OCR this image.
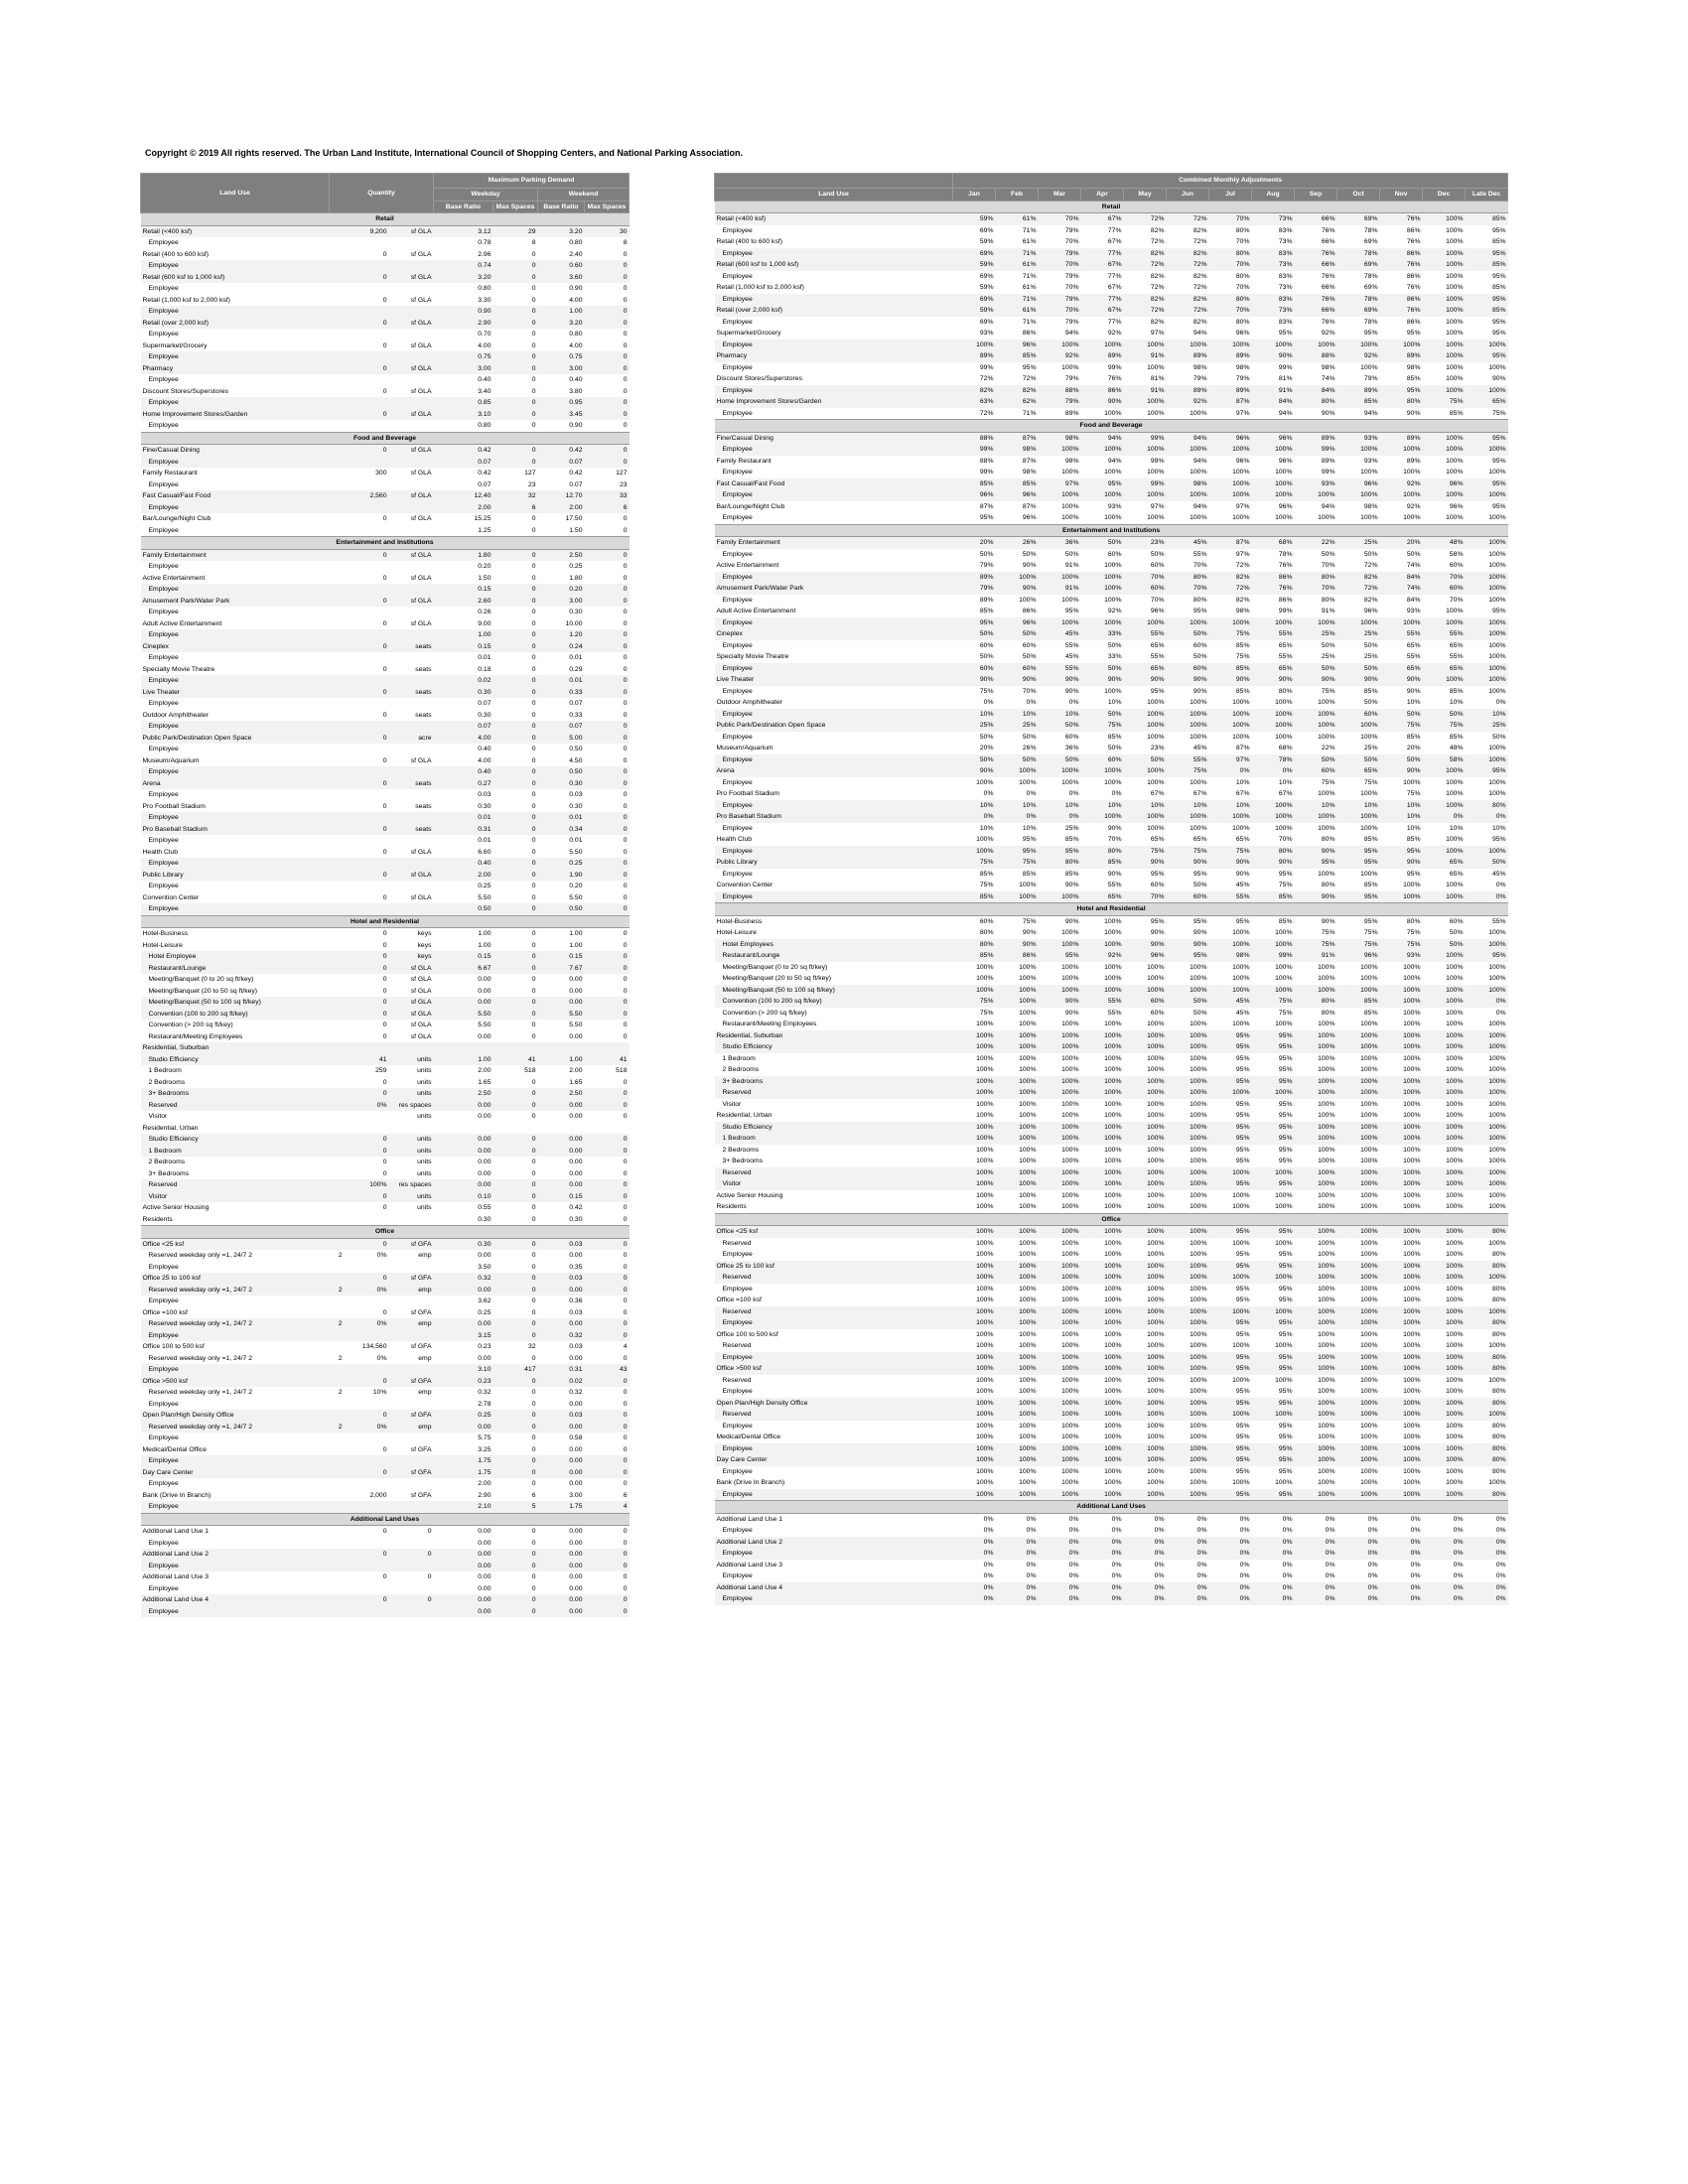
Copyright © 2019 All rights reserved. The Urban Land Institute, International Council of Shopping Centers, and National Parking Association.
Land Use	Quantity			Maximum Parking Demand			
				Weekday		Weekend	
				Base Ratio	Max Spaces	Base Ratio	Max Spaces
Retail							
Retail (<400 ksf)		9,200	sf GLA	3.12	29	3.20	30
Employee				0.78	8	0.80	8
Retail (400 to 600 ksf)		0	sf GLA	2.96	0	2.40	0
Employee				0.74	0	0.60	0
Retail (600 ksf to 1,000 ksf)		0	sf GLA	3.20	0	3.60	0
Employee				0.80	0	0.90	0
Retail (1,000 ksf to 2,000 ksf)		0	sf GLA	3.30	0	4.00	0
Employee				0.90	0	1.00	0
Retail (over 2,000 ksf)		0	sf GLA	2.90	0	3.20	0
Employee				0.70	0	0.80	0
Supermarket/Grocery		0	sf GLA	4.00	0	4.00	0
Employee				0.75	0	0.75	0
Pharmacy		0	sf GLA	3.00	0	3.00	0
Employee				0.40	0	0.40	0
Discount Stores/Superstores		0	sf GLA	3.40	0	3.80	0
Employee				0.85	0	0.95	0
Home Improvement Stores/Garden		0	sf GLA	3.10	0	3.45	0
Employee				0.80	0	0.90	0
Food and Beverage							
Fine/Casual Dining		0	sf GLA	0.42	0	0.42	0
Employee				0.07	0	0.07	0
Family Restaurant		300	sf GLA	0.42	127	0.42	127
Employee				0.07	23	0.07	23
Fast Casual/Fast Food		2,560	sf GLA	12.40	32	12.70	33
Employee				2.00	6	2.00	6
Bar/Lounge/Night Club		0	sf GLA	15.25	0	17.50	0
Employee				1.25	0	1.50	0
Entertainment and Institutions							
Family Entertainment		0	sf GLA	1.80	0	2.50	0
Employee				0.20	0	0.25	0
Active Entertainment		0	sf GLA	1.50	0	1.80	0
Employee				0.15	0	0.20	0
Amusement Park/Water Park		0	sf GLA	2.60	0	3.00	0
Employee				0.26	0	0.30	0
Adult Active Entertainment		0	sf GLA	9.00	0	10.00	0
Employee				1.00	0	1.20	0
Cineplex		0	seats	0.15	0	0.24	0
Employee				0.01	0	0.01	0
Specialty Movie Theatre		0	seats	0.18	0	0.29	0
Employee				0.02	0	0.01	0
Live Theater		0	seats	0.30	0	0.33	0
Employee				0.07	0	0.07	0
Outdoor Amphitheater		0	seats	0.30	0	0.33	0
Employee				0.07	0	0.07	0
Public Park/Destination Open Space		0	acre	4.00	0	5.00	0
Employee				0.40	0	0.50	0
Museum/Aquarium		0	sf GLA	4.00	0	4.50	0
Employee				0.40	0	0.50	0
Arena		0	seats	0.27	0	0.30	0
Employee				0.03	0	0.03	0
Pro Football Stadium		0	seats	0.30	0	0.30	0
Employee				0.01	0	0.01	0
Pro Baseball Stadium		0	seats	0.31	0	0.34	0
Employee				0.01	0	0.01	0
Health Club		0	sf GLA	6.60	0	5.50	0
Employee				0.40	0	0.25	0
Public Library		0	sf GLA	2.00	0	1.90	0
Employee				0.25	0	0.20	0
Convention Center		0	sf GLA	5.50	0	5.50	0
Employee				0.50	0	0.50	0
Hotel and Residential							
Hotel-Business		0	keys	1.00	0	1.00	0
Hotel-Leisure		0	keys	1.00	0	1.00	0
Hotel Employee		0	keys	0.15	0	0.15	0
Restaurant/Lounge		0	sf GLA	6.67	0	7.67	0
Meeting/Banquet (0 to 20 sq ft/key)		0	sf GLA	0.00	0	0.00	0
Meeting/Banquet (20 to 50 sq ft/key)		0	sf GLA	0.00	0	0.00	0
Meeting/Banquet (50 to 100 sq ft/key)		0	sf GLA	0.00	0	0.00	0
Convention (100 to 200 sq ft/key)		0	sf GLA	5.50	0	5.50	0
Convention (> 200 sq ft/key)		0	sf GLA	5.50	0	5.50	0
Restaurant/Meeting Employees		0	sf GLA	0.00	0	0.00	0
Residential, Suburban							
Studio Efficiency		41	units	1.00	41	1.00	41
1 Bedroom		259	units	2.00	518	2.00	518
2 Bedrooms		0	units	1.65	0	1.65	0
3+ Bedrooms		0	units	2.50	0	2.50	0
Reserved		0%	res spaces	0.00	0	0.00	0
Visitor			units	0.00	0	0.00	0
Residential, Urban							
Studio Efficiency		0	units	0.00	0	0.00	0
1 Bedroom		0	units	0.00	0	0.00	0
2 Bedrooms		0	units	0.00	0	0.00	0
3+ Bedrooms		0	units	0.00	0	0.00	0
Reserved		100%	res spaces	0.00	0	0.00	0
Visitor		0	units	0.10	0	0.15	0
Active Senior Housing		0	units	0.55	0	0.42	0
Residents				0.30	0	0.30	0
Office							
Office <25 ksf		0	sf GFA	0.30	0	0.03	0
Reserved weekday only =1, 24/7 2	2	0%	emp	0.00	0	0.00	0
Employee				3.50	0	0.35	0
Office 25 to 100 ksf		0	sf GFA	0.32	0	0.03	0
Reserved weekday only =1, 24/7 2	2	0%	emp	0.00	0	0.00	0
Employee				3.62	0	0.36	0
Office =100 ksf		0	sf GFA	0.25	0	0.03	0
Reserved weekday only =1, 24/7 2	2	0%	emp	0.00	0	0.00	0
Employee				3.15	0	0.32	0
Office 100 to 500 ksf		134,560	sf GFA	0.23	32	0.03	4
Reserved weekday only =1, 24/7 2	2	0%	emp	0.00	0	0.00	0
Employee				3.10	417	0.31	43
Office >500 ksf		0	sf GFA	0.23	0	0.02	0
Reserved weekday only =1, 24/7 2	2	10%	emp	0.32	0	0.32	0
Employee				2.78	0	0.00	0
Open Plan/High Density Office		0	sf GFA	0.25	0	0.03	0
Reserved weekday only =1, 24/7 2	2	0%	emp	0.00	0	0.00	0
Employee				5.75	0	0.58	0
Medical/Dental Office		0	sf GFA	3.25	0	0.00	0
Employee				1.75	0	0.00	0
Day Care Center		0	sf GFA	1.75	0	0.00	0
Employee				2.00	0	0.00	0
Bank (Drive In Branch)		2,000	sf GFA	2.90	6	3.00	6
Employee				2.10	5	1.75	4
Additional Land Uses							
Additional Land Use 1		0	0	0.00	0	0.00	0
Employee				0.00	0	0.00	0
Additional Land Use 2		0	0	0.00	0	0.00	0
Employee				0.00	0	0.00	0
Additional Land Use 3		0	0	0.00	0	0.00	0
Employee				0.00	0	0.00	0
Additional Land Use 4		0	0	0.00	0	0.00	0
Employee				0.00	0	0.00	0
	Combined Monthly Adjustments												
Land Use	Jan	Feb	Mar	Apr	May	Jun	Jul	Aug	Sep	Oct	Nov	Dec	Late Dec
Retail													
Retail (<400 ksf)	59%	61%	70%	67%	72%	72%	70%	73%	66%	69%	76%	100%	85%
Employee	69%	71%	79%	77%	82%	82%	80%	83%	76%	78%	86%	100%	95%
Retail (400 to 600 ksf)	59%	61%	70%	67%	72%	72%	70%	73%	66%	69%	76%	100%	85%
Employee	69%	71%	79%	77%	82%	82%	80%	83%	76%	78%	86%	100%	95%
Retail (600 ksf to 1,000 ksf)	59%	61%	70%	67%	72%	72%	70%	73%	66%	69%	76%	100%	85%
Employee	69%	71%	79%	77%	82%	82%	80%	83%	76%	78%	86%	100%	95%
Retail (1,000 ksf to 2,000 ksf)	59%	61%	70%	67%	72%	72%	70%	73%	66%	69%	76%	100%	85%
Employee	69%	71%	79%	77%	82%	82%	80%	83%	76%	78%	86%	100%	95%
Retail (over 2,000 ksf)	59%	61%	70%	67%	72%	72%	70%	73%	66%	69%	76%	100%	85%
Employee	69%	71%	79%	77%	82%	82%	80%	83%	76%	78%	86%	100%	95%
Supermarket/Grocery	93%	86%	94%	92%	97%	94%	96%	95%	92%	95%	95%	100%	95%
Employee	100%	96%	100%	100%	100%	100%	100%	100%	100%	100%	100%	100%	100%
Pharmacy	89%	85%	92%	89%	91%	89%	89%	90%	88%	92%	89%	100%	95%
Employee	99%	95%	100%	99%	100%	98%	98%	99%	98%	100%	98%	100%	100%
Discount Stores/Superstores	72%	72%	79%	76%	81%	79%	79%	81%	74%	79%	85%	100%	90%
Employee	82%	82%	88%	86%	91%	89%	89%	91%	84%	89%	95%	100%	100%
Home Improvement Stores/Garden	63%	62%	79%	90%	100%	92%	87%	84%	80%	85%	80%	75%	65%
Employee	72%	71%	89%	100%	100%	100%	97%	94%	90%	94%	90%	85%	75%
Food and Beverage													
Fine/Casual Dining	88%	87%	98%	94%	99%	94%	96%	96%	89%	93%	89%	100%	95%
Employee	99%	98%	100%	100%	100%	100%	100%	100%	99%	100%	100%	100%	100%
Family Restaurant	88%	87%	98%	94%	99%	94%	96%	96%	89%	93%	89%	100%	95%
Employee	99%	98%	100%	100%	100%	100%	100%	100%	99%	100%	100%	100%	100%
Fast Casual/Fast Food	85%	85%	97%	95%	99%	98%	100%	100%	93%	96%	92%	96%	95%
Employee	96%	96%	100%	100%	100%	100%	100%	100%	100%	100%	100%	100%	100%
Bar/Lounge/Night Club	87%	87%	100%	93%	97%	94%	97%	96%	94%	98%	92%	96%	95%
Employee	95%	96%	100%	100%	100%	100%	100%	100%	100%	100%	100%	100%	100%
Entertainment and Institutions													
Family Entertainment	20%	26%	36%	50%	23%	45%	87%	68%	22%	25%	20%	48%	100%
Employee	50%	50%	50%	60%	50%	55%	97%	78%	50%	50%	50%	58%	100%
Active Entertainment	79%	90%	91%	100%	60%	70%	72%	76%	70%	72%	74%	60%	100%
Employee	89%	100%	100%	100%	70%	80%	82%	86%	80%	82%	84%	70%	100%
Amusement Park/Water Park	79%	90%	91%	100%	60%	70%	72%	76%	70%	72%	74%	60%	100%
Employee	89%	100%	100%	100%	70%	80%	82%	86%	80%	82%	84%	70%	100%
Adult Active Entertainment	85%	86%	95%	92%	96%	95%	98%	99%	91%	96%	93%	100%	95%
Employee	95%	96%	100%	100%	100%	100%	100%	100%	100%	100%	100%	100%	100%
Cineplex	50%	50%	45%	33%	55%	50%	75%	55%	25%	25%	55%	55%	100%
Employee	60%	60%	55%	50%	65%	60%	85%	65%	50%	50%	65%	65%	100%
Specialty Movie Theatre	50%	50%	45%	33%	55%	50%	75%	55%	25%	25%	55%	55%	100%
Employee	60%	60%	55%	50%	65%	60%	85%	65%	50%	50%	65%	65%	100%
Live Theater	90%	90%	90%	90%	90%	90%	90%	90%	90%	90%	90%	100%	100%
Employee	75%	70%	90%	100%	95%	90%	85%	80%	75%	85%	90%	85%	100%
Outdoor Amphitheater	0%	0%	0%	10%	100%	100%	100%	100%	100%	50%	10%	10%	0%
Employee	10%	10%	10%	50%	100%	100%	100%	100%	100%	60%	50%	50%	10%
Public Park/Destination Open Space	25%	25%	50%	75%	100%	100%	100%	100%	100%	100%	75%	75%	25%
Employee	50%	50%	60%	85%	100%	100%	100%	100%	100%	100%	85%	85%	50%
Museum/Aquarium	20%	26%	36%	50%	23%	45%	87%	68%	22%	25%	20%	48%	100%
Employee	50%	50%	50%	60%	50%	55%	97%	78%	50%	50%	50%	58%	100%
Arena	90%	100%	100%	100%	100%	75%	0%	0%	60%	65%	90%	100%	95%
Employee	100%	100%	100%	100%	100%	100%	10%	10%	75%	75%	100%	100%	100%
Pro Football Stadium	0%	0%	0%	0%	67%	67%	67%	67%	100%	100%	75%	100%	100%
Employee	10%	10%	10%	10%	10%	10%	10%	100%	10%	10%	10%	100%	80%
Pro Baseball Stadium	0%	0%	0%	100%	100%	100%	100%	100%	100%	100%	10%	0%	0%
Employee	10%	10%	25%	90%	100%	100%	100%	100%	100%	100%	10%	10%	10%
Health Club	100%	95%	85%	70%	65%	65%	65%	70%	80%	85%	85%	100%	95%
Employee	100%	95%	95%	80%	75%	75%	75%	80%	90%	95%	95%	100%	100%
Public Library	75%	75%	80%	85%	90%	90%	90%	90%	95%	95%	90%	65%	50%
Employee	85%	85%	85%	90%	95%	95%	90%	95%	100%	100%	95%	65%	45%
Convention Center	75%	100%	90%	55%	60%	50%	45%	75%	80%	85%	100%	100%	0%
Employee	85%	100%	100%	65%	70%	60%	55%	85%	90%	95%	100%	100%	0%
Hotel and Residential													
Hotel-Business	60%	75%	90%	100%	95%	95%	95%	85%	90%	95%	80%	60%	55%
Hotel-Leisure	80%	90%	100%	100%	90%	90%	100%	100%	75%	75%	75%	50%	100%
Hotel Employees	80%	90%	100%	100%	90%	90%	100%	100%	75%	75%	75%	50%	100%
Restaurant/Lounge	85%	86%	95%	92%	96%	95%	98%	99%	91%	96%	93%	100%	95%
Meeting/Banquet (0 to 20 sq ft/key)	100%	100%	100%	100%	100%	100%	100%	100%	100%	100%	100%	100%	100%
Meeting/Banquet (20 to 50 sq ft/key)	100%	100%	100%	100%	100%	100%	100%	100%	100%	100%	100%	100%	100%
Meeting/Banquet (50 to 100 sq ft/key)	100%	100%	100%	100%	100%	100%	100%	100%	100%	100%	100%	100%	100%
Convention (100 to 200 sq ft/key)	75%	100%	90%	55%	60%	50%	45%	75%	80%	85%	100%	100%	0%
Convention (> 200 sq ft/key)	75%	100%	90%	55%	60%	50%	45%	75%	80%	85%	100%	100%	0%
Restaurant/Meeting Employees	100%	100%	100%	100%	100%	100%	100%	100%	100%	100%	100%	100%	100%
Residential, Suburban	100%	100%	100%	100%	100%	100%	95%	95%	100%	100%	100%	100%	100%
Studio Efficiency	100%	100%	100%	100%	100%	100%	95%	95%	100%	100%	100%	100%	100%
1 Bedroom	100%	100%	100%	100%	100%	100%	95%	95%	100%	100%	100%	100%	100%
2 Bedrooms	100%	100%	100%	100%	100%	100%	95%	95%	100%	100%	100%	100%	100%
3+ Bedrooms	100%	100%	100%	100%	100%	100%	95%	95%	100%	100%	100%	100%	100%
Reserved	100%	100%	100%	100%	100%	100%	100%	100%	100%	100%	100%	100%	100%
Visitor	100%	100%	100%	100%	100%	100%	95%	95%	100%	100%	100%	100%	100%
Residential, Urban	100%	100%	100%	100%	100%	100%	95%	95%	100%	100%	100%	100%	100%
Studio Efficiency	100%	100%	100%	100%	100%	100%	95%	95%	100%	100%	100%	100%	100%
1 Bedroom	100%	100%	100%	100%	100%	100%	95%	95%	100%	100%	100%	100%	100%
2 Bedrooms	100%	100%	100%	100%	100%	100%	95%	95%	100%	100%	100%	100%	100%
3+ Bedrooms	100%	100%	100%	100%	100%	100%	95%	95%	100%	100%	100%	100%	100%
Reserved	100%	100%	100%	100%	100%	100%	100%	100%	100%	100%	100%	100%	100%
Visitor	100%	100%	100%	100%	100%	100%	95%	95%	100%	100%	100%	100%	100%
Active Senior Housing	100%	100%	100%	100%	100%	100%	100%	100%	100%	100%	100%	100%	100%
Residents	100%	100%	100%	100%	100%	100%	100%	100%	100%	100%	100%	100%	100%
Office													
Office <25 ksf	100%	100%	100%	100%	100%	100%	95%	95%	100%	100%	100%	100%	80%
Reserved	100%	100%	100%	100%	100%	100%	100%	100%	100%	100%	100%	100%	100%
Employee	100%	100%	100%	100%	100%	100%	95%	95%	100%	100%	100%	100%	80%
Office 25 to 100 ksf	100%	100%	100%	100%	100%	100%	95%	95%	100%	100%	100%	100%	80%
Reserved	100%	100%	100%	100%	100%	100%	100%	100%	100%	100%	100%	100%	100%
Employee	100%	100%	100%	100%	100%	100%	95%	95%	100%	100%	100%	100%	80%
Office =100 ksf	100%	100%	100%	100%	100%	100%	95%	95%	100%	100%	100%	100%	80%
Reserved	100%	100%	100%	100%	100%	100%	100%	100%	100%	100%	100%	100%	100%
Employee	100%	100%	100%	100%	100%	100%	95%	95%	100%	100%	100%	100%	80%
Office 100 to 500 ksf	100%	100%	100%	100%	100%	100%	95%	95%	100%	100%	100%	100%	80%
Reserved	100%	100%	100%	100%	100%	100%	100%	100%	100%	100%	100%	100%	100%
Employee	100%	100%	100%	100%	100%	100%	95%	95%	100%	100%	100%	100%	80%
Office >500 ksf	100%	100%	100%	100%	100%	100%	95%	95%	100%	100%	100%	100%	80%
Reserved	100%	100%	100%	100%	100%	100%	100%	100%	100%	100%	100%	100%	100%
Employee	100%	100%	100%	100%	100%	100%	95%	95%	100%	100%	100%	100%	80%
Open Plan/High Density Office	100%	100%	100%	100%	100%	100%	95%	95%	100%	100%	100%	100%	80%
Reserved	100%	100%	100%	100%	100%	100%	100%	100%	100%	100%	100%	100%	100%
Employee	100%	100%	100%	100%	100%	100%	95%	95%	100%	100%	100%	100%	80%
Medical/Dental Office	100%	100%	100%	100%	100%	100%	95%	95%	100%	100%	100%	100%	80%
Employee	100%	100%	100%	100%	100%	100%	95%	95%	100%	100%	100%	100%	80%
Day Care Center	100%	100%	100%	100%	100%	100%	95%	95%	100%	100%	100%	100%	80%
Employee	100%	100%	100%	100%	100%	100%	95%	95%	100%	100%	100%	100%	80%
Bank (Drive In Branch)	100%	100%	100%	100%	100%	100%	100%	100%	100%	100%	100%	100%	100%
Employee	100%	100%	100%	100%	100%	100%	95%	95%	100%	100%	100%	100%	80%
Additional Land Uses													
Additional Land Use 1	0%	0%	0%	0%	0%	0%	0%	0%	0%	0%	0%	0%	0%
Employee	0%	0%	0%	0%	0%	0%	0%	0%	0%	0%	0%	0%	0%
Additional Land Use 2	0%	0%	0%	0%	0%	0%	0%	0%	0%	0%	0%	0%	0%
Employee	0%	0%	0%	0%	0%	0%	0%	0%	0%	0%	0%	0%	0%
Additional Land Use 3	0%	0%	0%	0%	0%	0%	0%	0%	0%	0%	0%	0%	0%
Employee	0%	0%	0%	0%	0%	0%	0%	0%	0%	0%	0%	0%	0%
Additional Land Use 4	0%	0%	0%	0%	0%	0%	0%	0%	0%	0%	0%	0%	0%
Employee	0%	0%	0%	0%	0%	0%	0%	0%	0%	0%	0%	0%	0%
